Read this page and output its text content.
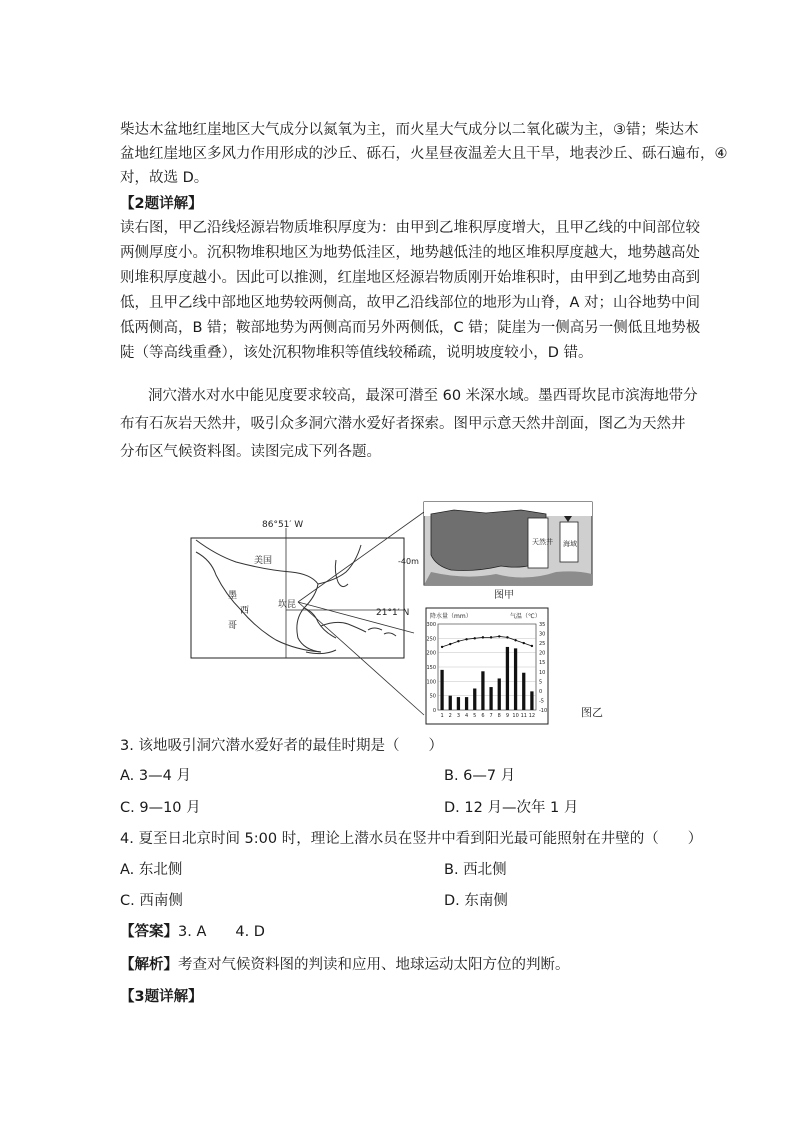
柴达木盆地红崖地区大气成分以氮氧为主，而火星大气成分以二氧化碳为主，③错；柴达木
盆地红崖地区多风力作用形成的沙丘、砾石，火星昼夜温差大且干旱，地表沙丘、砾石遍布，④
对，故选 D。
【2题详解】
读右图，甲乙沿线烃源岩物质堆积厚度为：由甲到乙堆积厚度增大，且甲乙线的中间部位较
两侧厚度小。沉积物堆积地区为地势低洼区，地势越低洼的地区堆积厚度越大，地势越高处
则堆积厚度越小。因此可以推测，红崖地区烃源岩物质刚开始堆积时，由甲到乙地势由高到
低，且甲乙线中部地区地势较两侧高，故甲乙沿线部位的地形为山脊，A 对；山谷地势中间
低两侧高，B 错；鞍部地势为两侧高而另外两侧低，C 错；陡崖为一侧高另一侧低且地势极
陡（等高线重叠），该处沉积物堆积等值线较稀疏，说明坡度较小，D 错。
洞穴潜水对水中能见度要求较高，最深可潜至 60 米深水域。墨西哥坎昆市滨海地带分
布有石灰岩天然井，吸引众多洞穴潜水爱好者探索。图甲示意天然井剖面，图乙为天然井
分布区气候资料图。读图完成下列各题。
86°51′ W
21°1′ N
美国
墨
西
哥
坎昆
天然井 海域
-40m
图甲
降水量（mm）	气温（℃）
0
50
100
150
200
250
300
-10
-5
0
5
10
15
20
25
30
35
1 2 3 4 5 6 7 8 9 10 11 12	图乙
3. 该地吸引洞穴潜水爱好者的最佳时期是（　　）
A. 3—4 月	B. 6—7 月
C. 9—10 月	D. 12 月—次年 1 月
4. 夏至日北京时间 5:00 时，理论上潜水员在竖井中看到阳光最可能照射在井壁的（　　）
A. 东北侧	B. 西北侧
C. 西南侧	D. 东南侧
【答案】3. A　　4. D
【解析】考查对气候资料图的判读和应用、地球运动太阳方位的判断。
【3题详解】
